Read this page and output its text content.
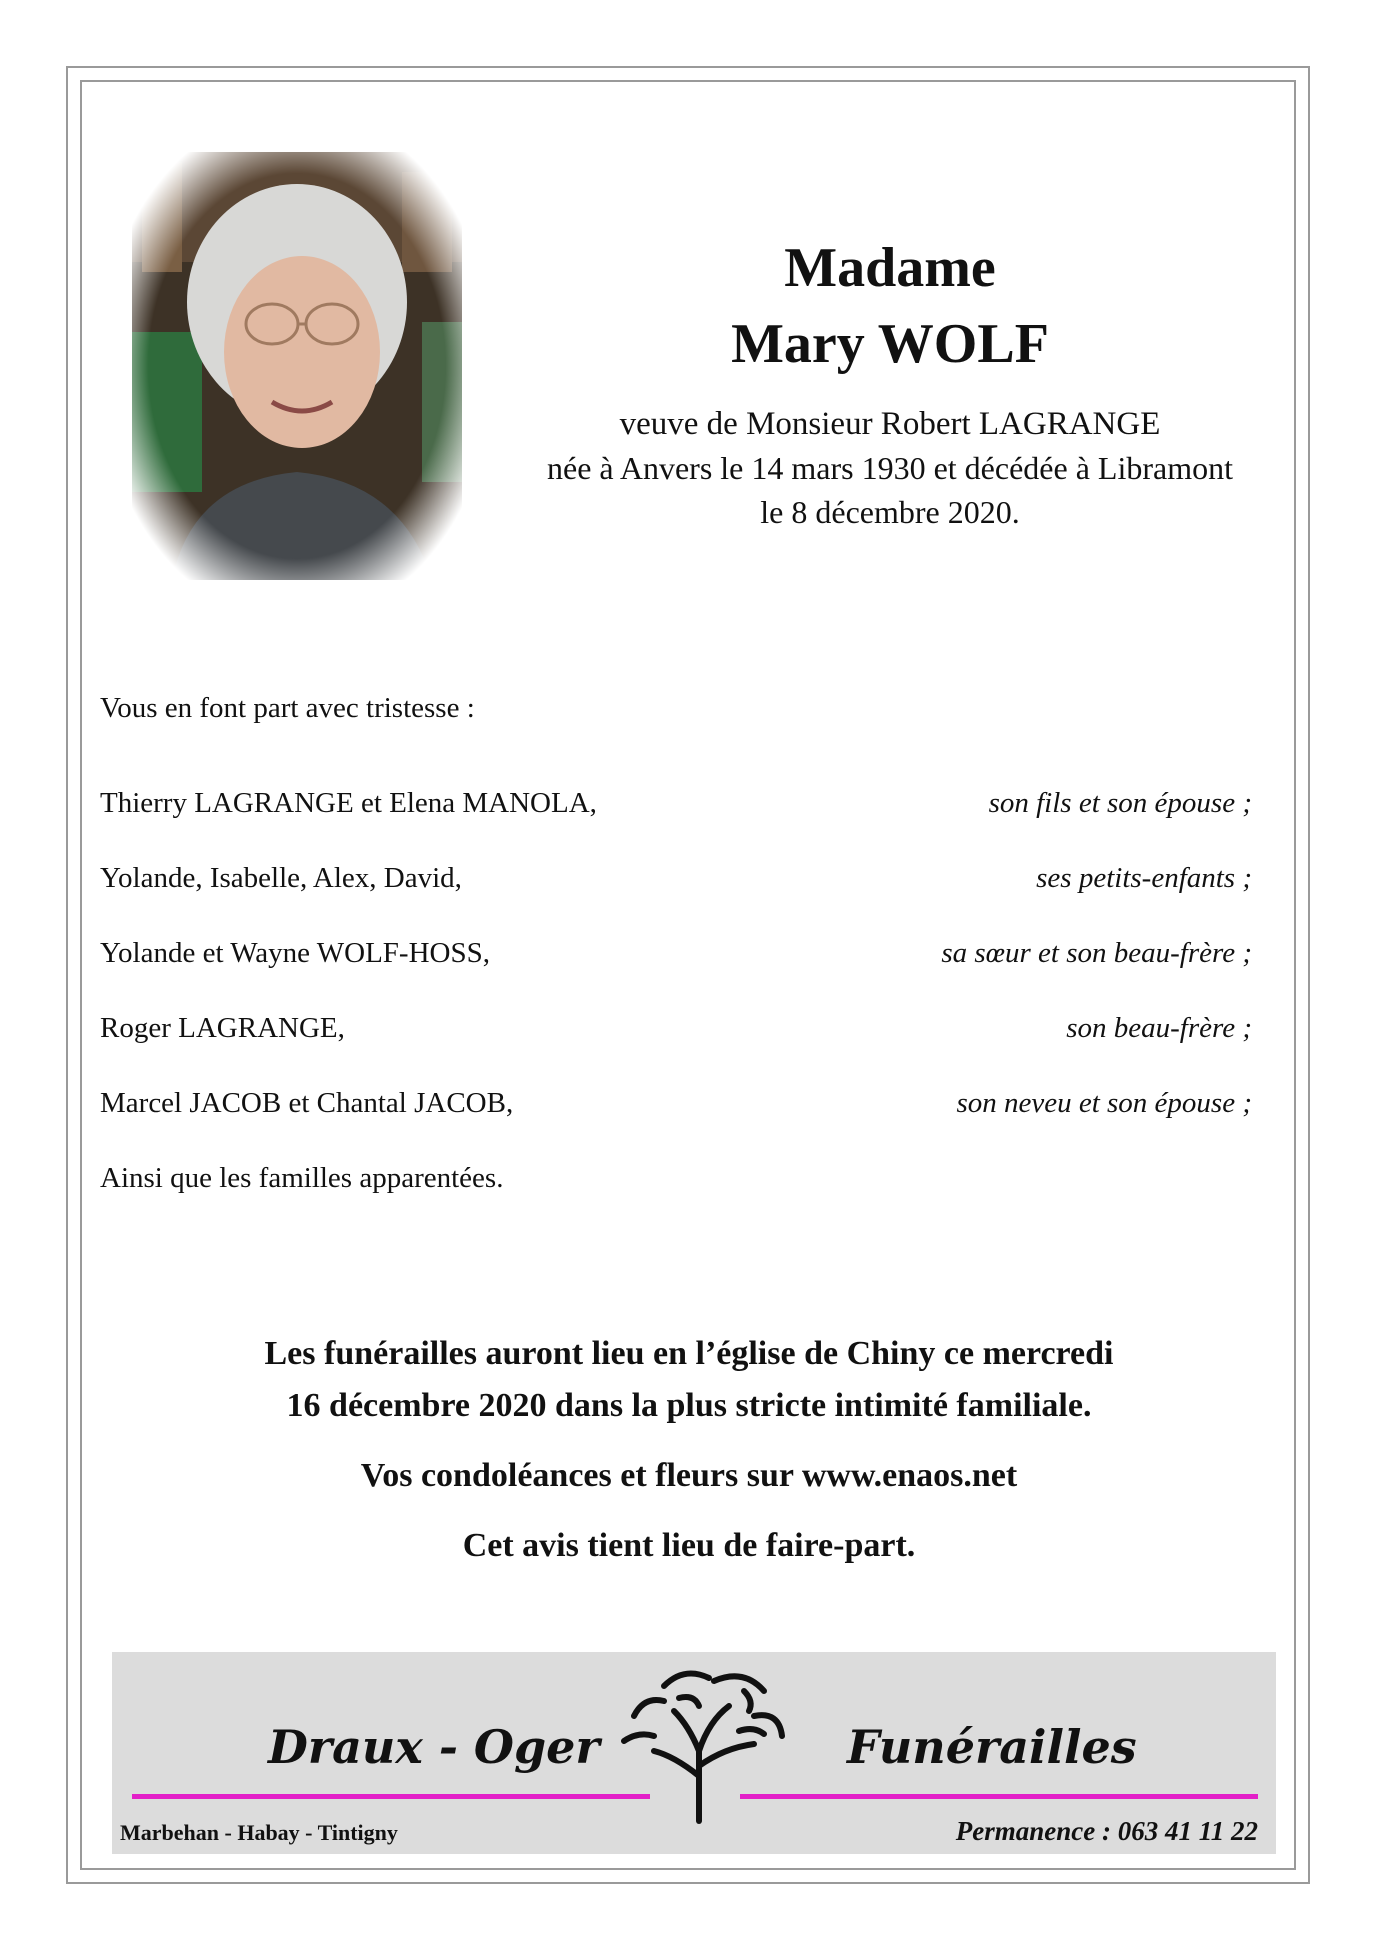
Madame

Mary WOLF

veuve de Monsieur Robert LAGRANGE

née à Anvers le 14 mars 1930 et décédée à Libramont

le 8 décembre 2020.

Vous en font part avec tristesse :
Thierry LAGRANGE et Elena MANOLA,	son fils et son épouse ;
Yolande, Isabelle, Alex, David,	ses petits-enfants ;
Yolande et Wayne WOLF-HOSS,	sa sœur et son beau-frère ;
Roger LAGRANGE,	son beau-frère ;
Marcel JACOB et Chantal JACOB,	son neveu et son épouse ;
Ainsi que les familles apparentées.

Les funérailles auront lieu en l’église de Chiny ce mercredi

16 décembre 2020 dans la plus stricte intimité familiale.

Vos condoléances et fleurs sur www.enaos.net

Cet avis tient lieu de faire-part.

Draux - Oger	Funérailles
Marbehan - Habay - Tintigny	Permanence : 063 41 11 22
